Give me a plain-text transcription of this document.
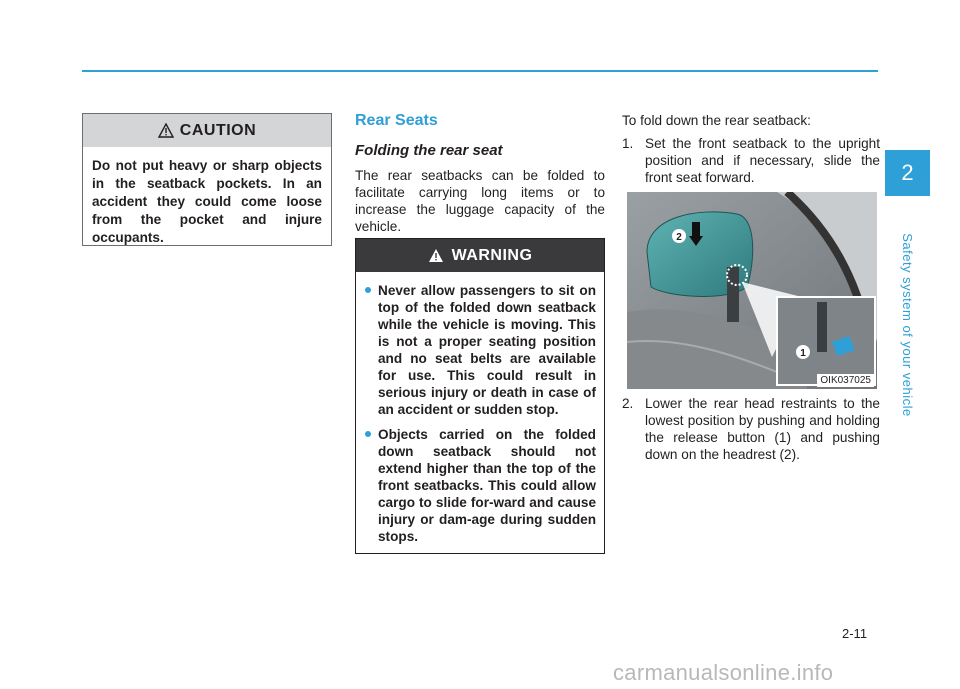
2
Safety system of your vehicle
CAUTION
Do not put heavy or sharp objects in the seatback pockets. In an accident they could come loose from the pocket and injure occupants.
Rear Seats
Folding the rear seat

The rear seatbacks can be folded to facilitate carrying long items or to increase the luggage capacity of the vehicle.

WARNING
Never allow passengers to sit on top of the folded down seatback while the vehicle is moving. This is not a proper seating position and no seat belts are available for use. This could result in serious injury or death in case of an accident or sudden stop.
Objects carried on the folded down seatback should not extend higher than the top of the front seatbacks. This could allow cargo to slide for-ward and cause injury or dam-age during sudden stops.

To fold down the rear seatback:

1. Set the front seatback to the upright position and if necessary, slide the front seat forward.
1
2
OIK037025
2. Lower the rear head restraints to the lowest position by pushing and holding the release button (1) and pushing down on the headrest (2).
2-11
carmanualsonline.info
